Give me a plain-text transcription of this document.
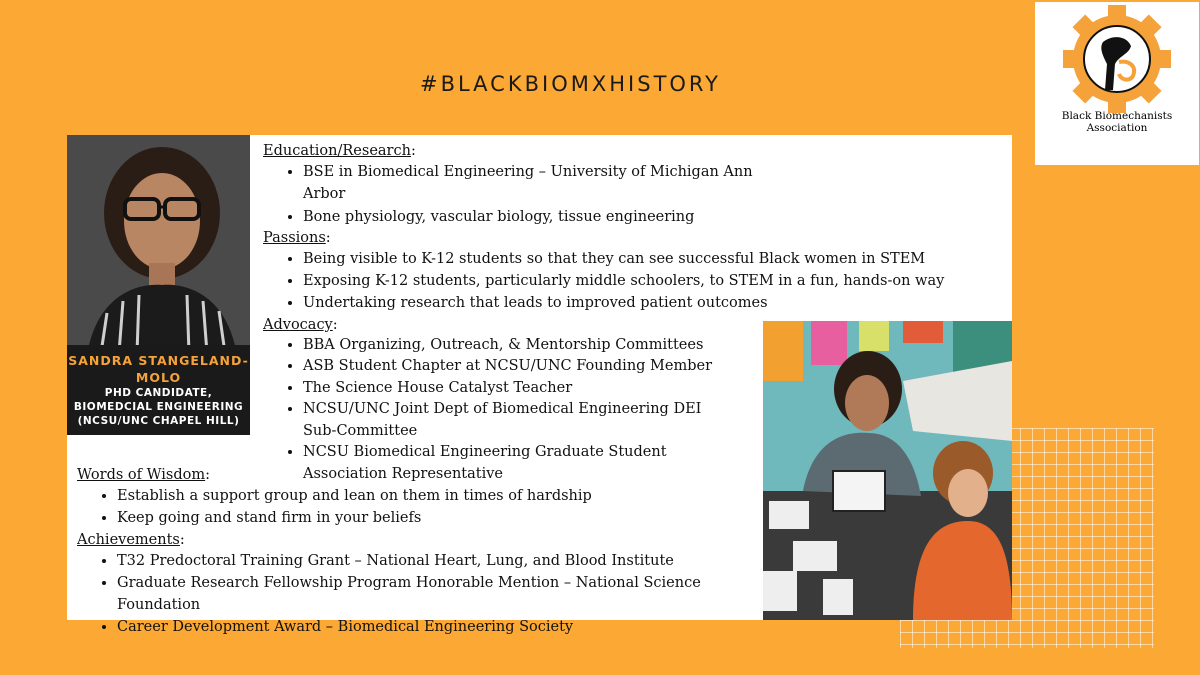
#BLACKBIOMXHISTORY
Black Biomechanists Association
SANDRA STANGELAND-MOLO
PHD CANDIDATE,
BIOMEDCIAL ENGINEERING
(NCSU/UNC CHAPEL HILL)
Education/Research:
• BSE in Biomedical Engineering – University of Michigan Ann Arbor
• Bone physiology, vascular biology, tissue engineering
Passions:
• Being visible to K-12 students so that they can see successful Black women in STEM
• Exposing K-12 students, particularly middle schoolers, to STEM in a fun, hands-on way
• Undertaking research that leads to improved patient outcomes
Advocacy:
• BBA Organizing, Outreach, & Mentorship Committees
• ASB Student Chapter at NCSU/UNC Founding Member
• The Science House Catalyst Teacher
• NCSU/UNC Joint Dept of Biomedical Engineering DEI Sub-Committee
• NCSU Biomedical Engineering Graduate Student Association Representative
Words of Wisdom:
• Establish a support group and lean on them in times of hardship
• Keep going and stand firm in your beliefs
Achievements:
• T32 Predoctoral Training Grant – National Heart, Lung, and Blood Institute
• Graduate Research Fellowship Program Honorable Mention – National Science Foundation
• Career Development Award – Biomedical Engineering Society
